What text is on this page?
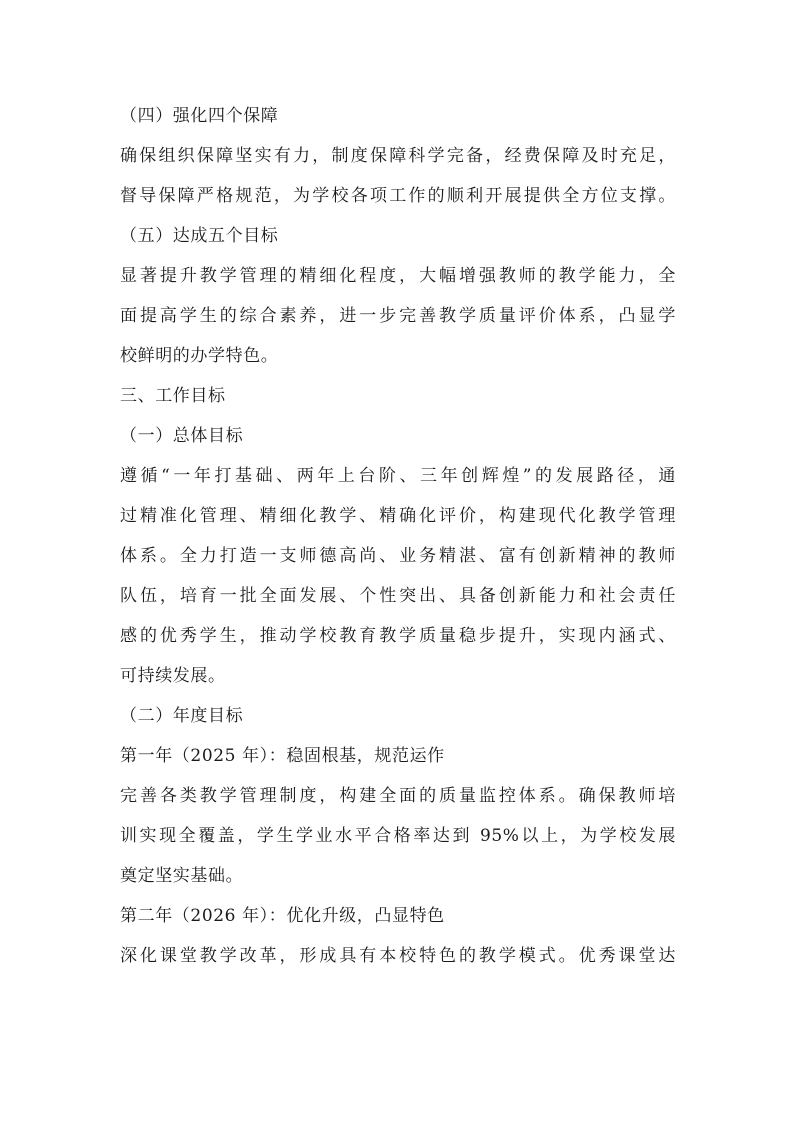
（四）强化四个保障
确保组织保障坚实有力，制度保障科学完备，经费保障及时充足，
督导保障严格规范，为学校各项工作的顺利开展提供全方位支撑。
（五）达成五个目标
显著提升教学管理的精细化程度，大幅增强教师的教学能力，全
面提高学生的综合素养，进一步完善教学质量评价体系，凸显学
校鲜明的办学特色。
三、工作目标
（一）总体目标
遵循“一年打基础、两年上台阶、三年创辉煌”的发展路径，通
过精准化管理、精细化教学、精确化评价，构建现代化教学管理
体系。全力打造一支师德高尚、业务精湛、富有创新精神的教师
队伍，培育一批全面发展、个性突出、具备创新能力和社会责任
感的优秀学生，推动学校教育教学质量稳步提升，实现内涵式、
可持续发展。
（二）年度目标
第一年（2025 年）：稳固根基，规范运作
完善各类教学管理制度，构建全面的质量监控体系。确保教师培
训实现全覆盖，学生学业水平合格率达到 95%以上，为学校发展
奠定坚实基础。
第二年（2026 年）：优化升级，凸显特色
深化课堂教学改革，形成具有本校特色的教学模式。优秀课堂达
